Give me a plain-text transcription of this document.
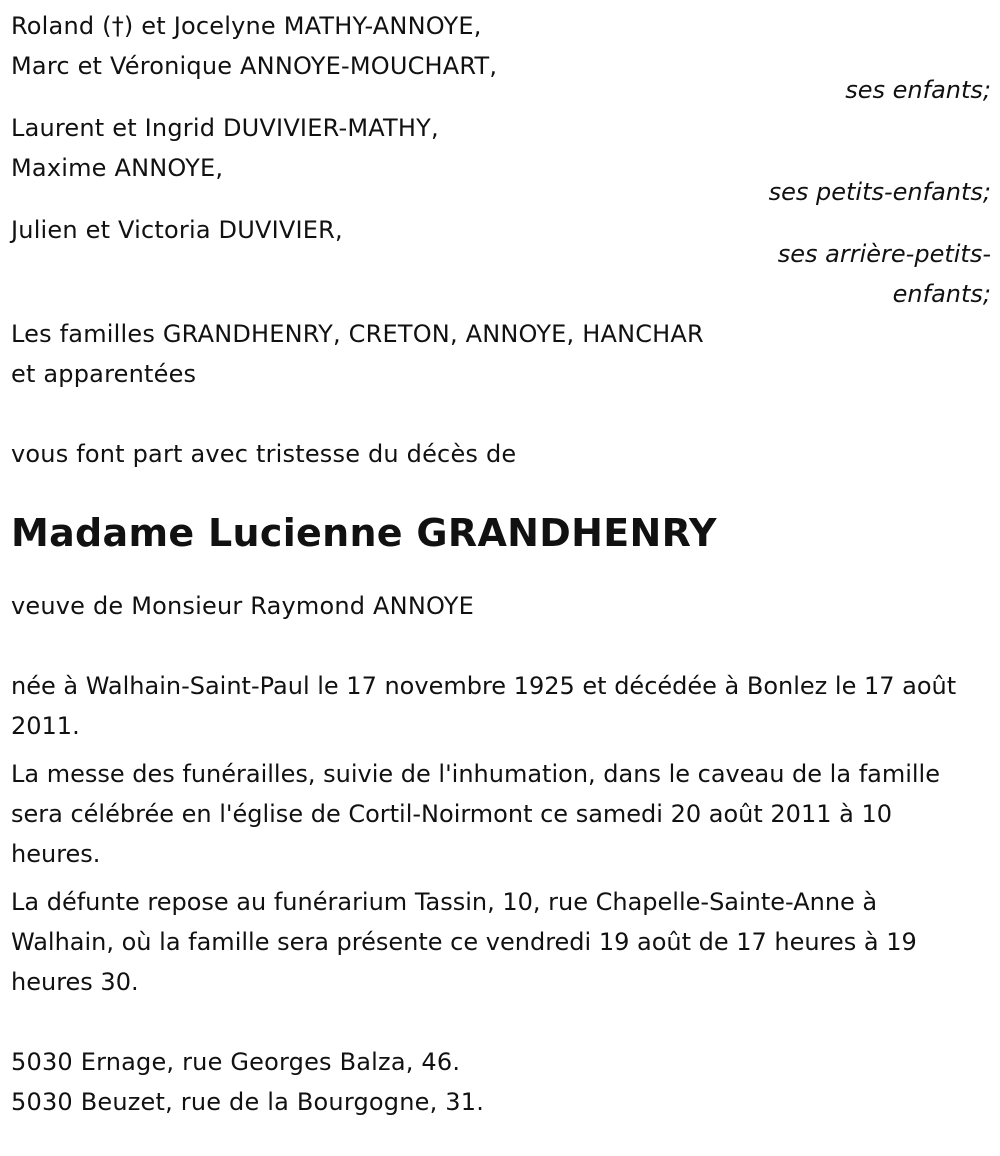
Roland (†) et Jocelyne MATHY-ANNOYE,
Marc et Véronique ANNOYE-MOUCHART,
ses enfants;
Laurent et Ingrid DUVIVIER-MATHY,
Maxime ANNOYE,
ses petits-enfants;
Julien et Victoria DUVIVIER,
ses arrière-petits-
enfants;
Les familles GRANDHENRY, CRETON, ANNOYE, HANCHAR
et apparentées
vous font part avec tristesse du décès de
Madame Lucienne GRANDHENRY
veuve de Monsieur Raymond ANNOYE
née à Walhain-Saint-Paul le 17 novembre 1925 et décédée à Bonlez le 17 août 2011.
La messe des funérailles, suivie de l'inhumation, dans le caveau de la famille sera célébrée en l'église de Cortil-Noirmont ce samedi 20 août 2011 à 10 heures.
La défunte repose au funérarium Tassin, 10, rue Chapelle-Sainte-Anne à Walhain, où la famille sera présente ce vendredi 19 août de 17 heures à 19 heures 30.
5030 Ernage, rue Georges Balza, 46.
5030 Beuzet, rue de la Bourgogne, 31.
